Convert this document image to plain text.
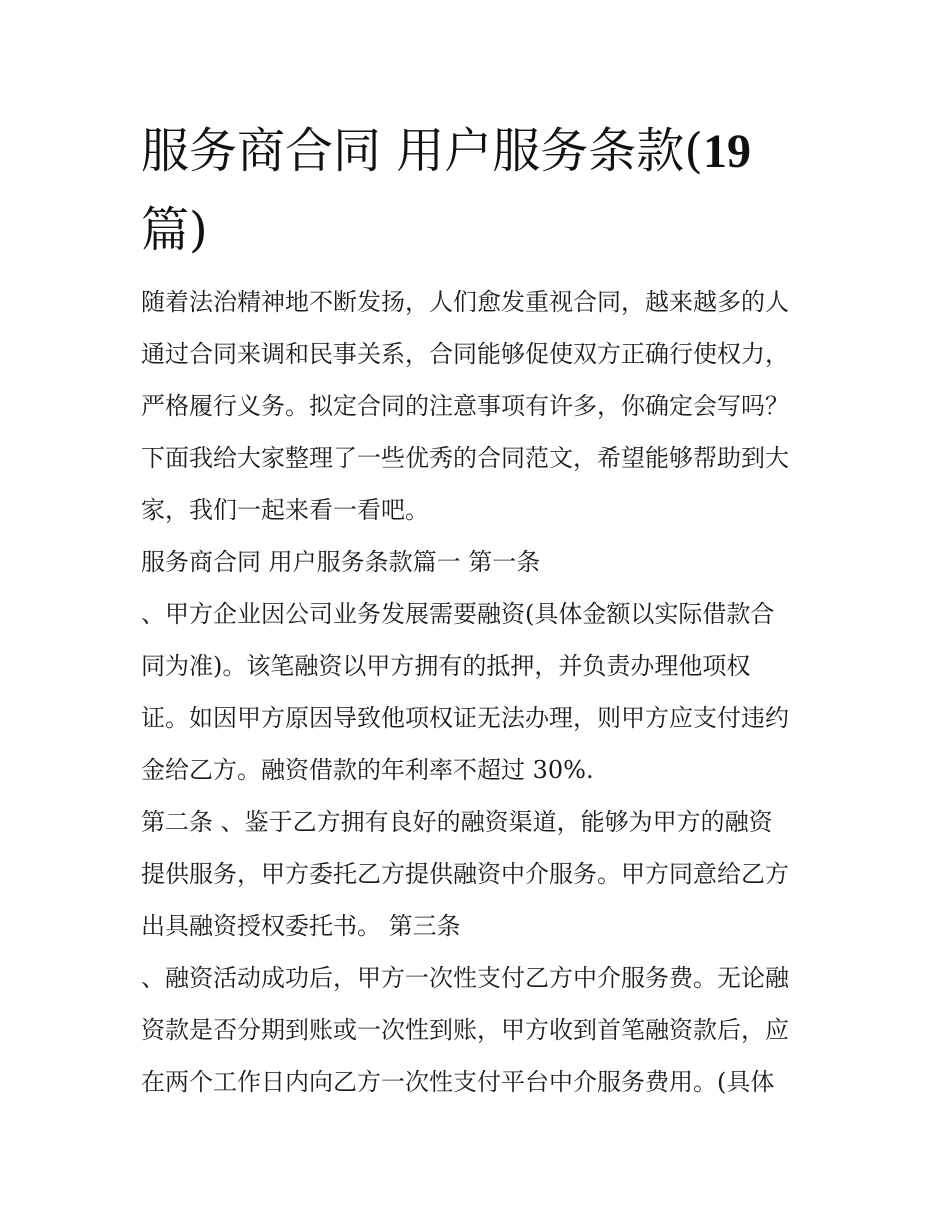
服务商合同 用户服务条款(19
篇)
随着法治精神地不断发扬，人们愈发重视合同，越来越多的人
通过合同来调和民事关系，合同能够促使双方正确行使权力，
严格履行义务。拟定合同的注意事项有许多，你确定会写吗？
下面我给大家整理了一些优秀的合同范文，希望能够帮助到大
家，我们一起来看一看吧。
服务商合同 用户服务条款篇一 第一条
、甲方企业因公司业务发展需要融资(具体金额以实际借款合
同为准)。该笔融资以甲方拥有的抵押，并负责办理他项权
证。如因甲方原因导致他项权证无法办理，则甲方应支付违约
金给乙方。融资借款的年利率不超过 30%.
第二条 、鉴于乙方拥有良好的融资渠道，能够为甲方的融资
提供服务，甲方委托乙方提供融资中介服务。甲方同意给乙方
出具融资授权委托书。 第三条
、融资活动成功后，甲方一次性支付乙方中介服务费。无论融
资款是否分期到账或一次性到账，甲方收到首笔融资款后，应
在两个工作日内向乙方一次性支付平台中介服务费用。(具体
